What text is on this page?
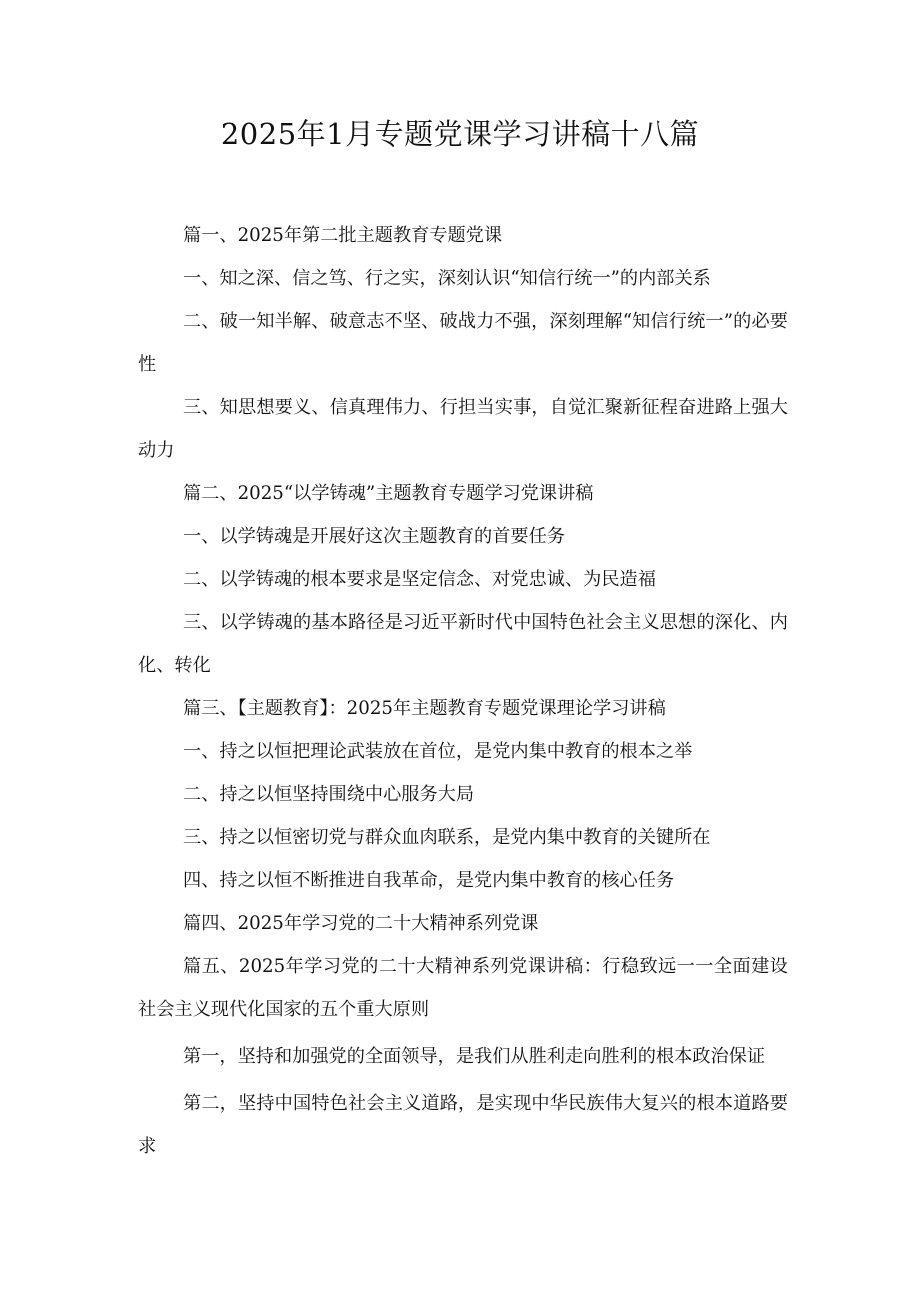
2025年1月专题党课学习讲稿十八篇

篇一、2025年第二批主题教育专题党课

一、知之深、信之笃、行之实，深刻认识“知信行统一”的内部关系

二、破一知半解、破意志不坚、破战力不强，深刻理解“知信行统一”的必要性

三、知思想要义、信真理伟力、行担当实事，自觉汇聚新征程奋进路上强大动力

篇二、2025“以学铸魂”主题教育专题学习党课讲稿

一、以学铸魂是开展好这次主题教育的首要任务

二、以学铸魂的根本要求是坚定信念、对党忠诚、为民造福

三、以学铸魂的基本路径是习近平新时代中国特色社会主义思想的深化、内化、转化

篇三、【主题教育】：2025年主题教育专题党课理论学习讲稿

一、持之以恒把理论武装放在首位，是党内集中教育的根本之举

二、持之以恒坚持围绕中心服务大局

三、持之以恒密切党与群众血肉联系，是党内集中教育的关键所在

四、持之以恒不断推进自我革命，是党内集中教育的核心任务

篇四、2025年学习党的二十大精神系列党课

篇五、2025年学习党的二十大精神系列党课讲稿：行稳致远一一全面建设社会主义现代化国家的五个重大原则

第一，坚持和加强党的全面领导，是我们从胜利走向胜利的根本政治保证

第二，坚持中国特色社会主义道路，是实现中华民族伟大复兴的根本道路要求
